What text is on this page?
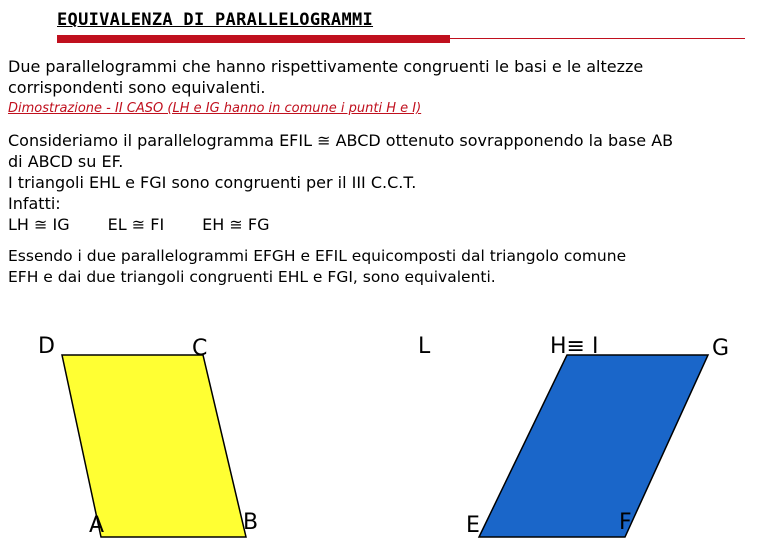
EQUIVALENZA DI PARALLELOGRAMMI

Due parallelogrammi che hanno rispettivamente congruenti le basi e le altezze
corrispondenti sono equivalenti.

Dimostrazione - II CASO (LH e IG hanno in comune i punti H e I)

Consideriamo il parallelogramma EFIL ≅ ABCD ottenuto sovrapponendo la base AB
di ABCD su EF.
I triangoli EHL e FGI sono congruenti per il III C.C.T.
Infatti:
LH ≅ IG EL ≅ FI EH ≅ FG
Essendo i due parallelogrammi EFGH e EFIL equicomposti dal triangolo comune
EFH e dai due triangoli congruenti EHL e FGI, sono equivalenti.
D	C
A	B
L	H≡ I	G
E	F
